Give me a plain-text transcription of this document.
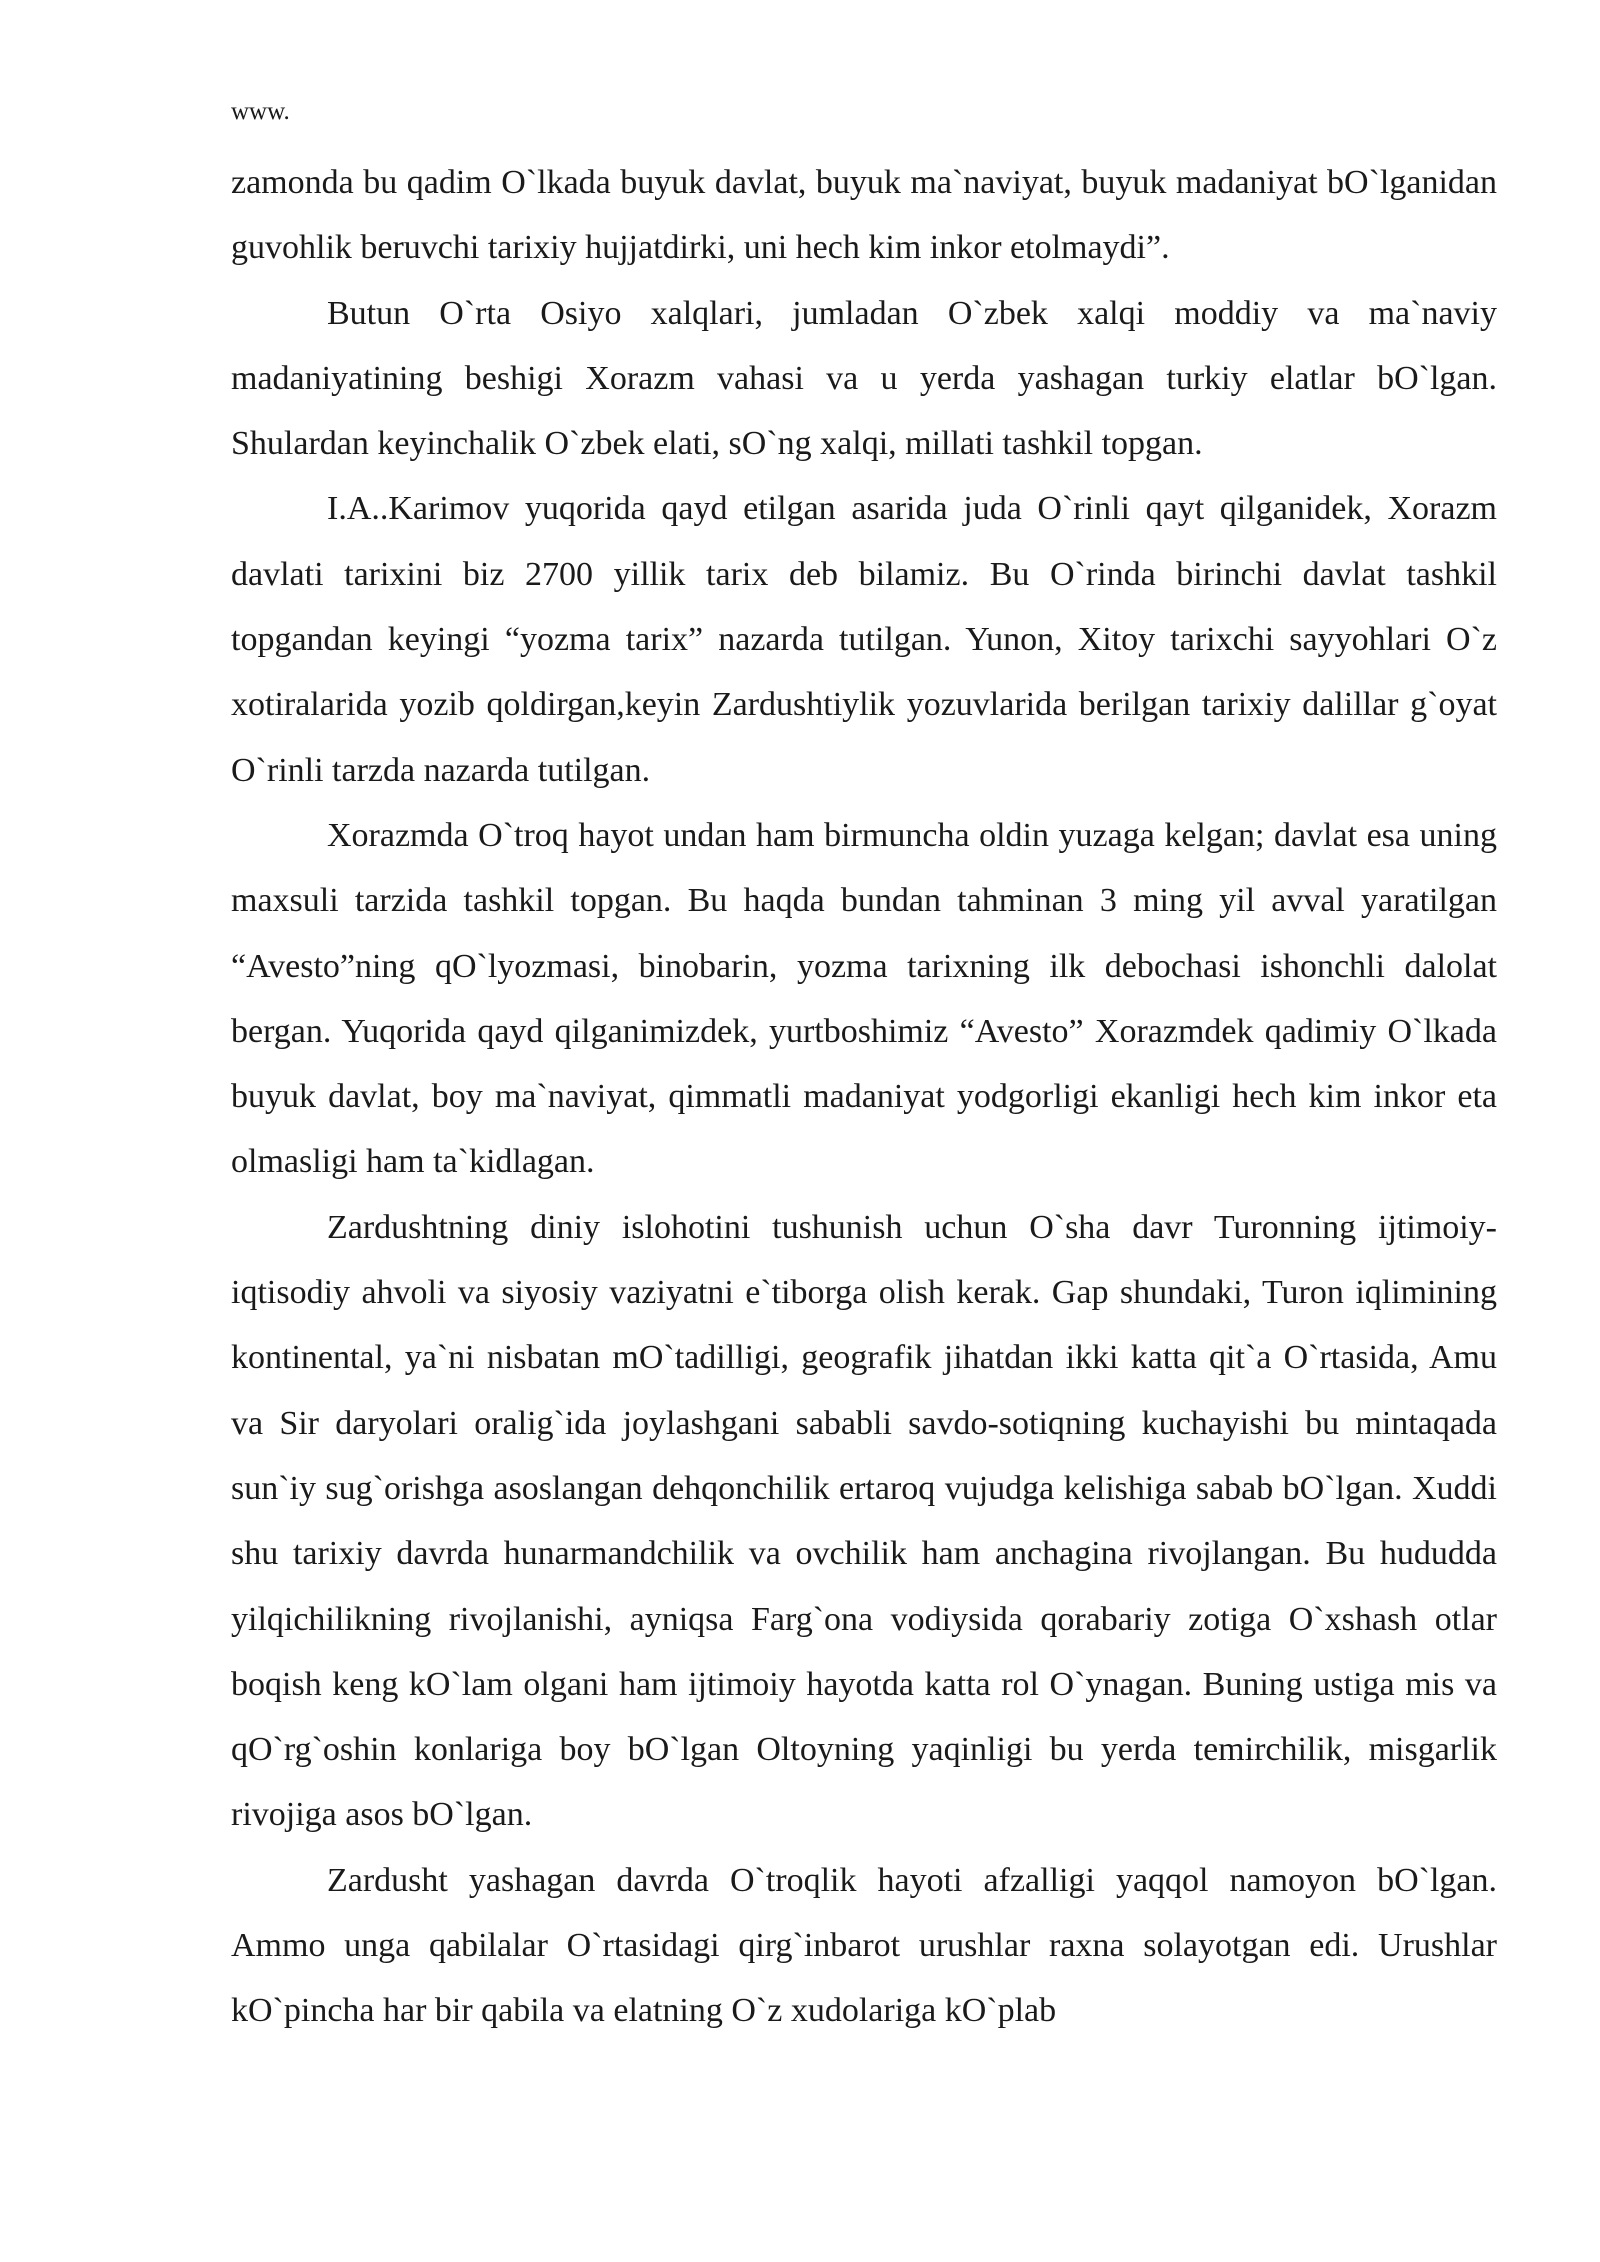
www.

zamonda bu qadim O`lkada buyuk davlat, buyuk ma`naviyat, buyuk madaniyat bO`lganidan guvohlik beruvchi tarixiy hujjatdirki, uni hech kim inkor etolmaydi”.

Butun O`rta Osiyo xalqlari, jumladan O`zbek xalqi moddiy va ma`naviy madaniyatining beshigi Xorazm vahasi va u yerda yashagan turkiy elatlar bO`lgan. Shulardan keyinchalik O`zbek elati, sO`ng xalqi, millati tashkil topgan.

I.A..Karimov yuqorida qayd etilgan asarida juda O`rinli qayt qilganidek, Xorazm davlati tarixini biz 2700 yillik tarix deb bilamiz. Bu O`rinda birinchi davlat tashkil topgandan keyingi “yozma tarix” nazarda tutilgan. Yunon, Xitoy tarixchi sayyohlari O`z xotiralarida yozib qoldirgan,keyin Zardushtiylik yozuvlarida berilgan tarixiy dalillar g`oyat O`rinli tarzda nazarda tutilgan.

Xorazmda O`troq hayot undan ham birmuncha oldin yuzaga kelgan; davlat esa uning maxsuli tarzida tashkil topgan. Bu haqda bundan tahminan 3 ming yil avval yaratilgan “Avesto”ning qO`lyozmasi, binobarin, yozma tarixning ilk debochasi ishonchli dalolat bergan. Yuqorida qayd qilganimizdek, yurtboshimiz “Avesto” Xorazmdek qadimiy O`lkada buyuk davlat, boy ma`naviyat, qimmatli madaniyat yodgorligi ekanligi hech kim inkor eta olmasligi ham ta`kidlagan.

Zardushtning diniy islohotini tushunish uchun O`sha davr Turonning ijtimoiy-iqtisodiy ahvoli va siyosiy vaziyatni e`tiborga olish kerak. Gap shundaki, Turon iqlimining kontinental, ya`ni nisbatan mO`tadilligi, geografik jihatdan ikki katta qit`a O`rtasida, Amu va Sir daryolari oralig`ida joylashgani sababli savdo-sotiqning kuchayishi bu mintaqada sun`iy sug`orishga asoslangan dehqonchilik ertaroq vujudga kelishiga sabab bO`lgan. Xuddi shu tarixiy davrda hunarmandchilik va ovchilik ham anchagina rivojlangan. Bu hududda yilqichilikning rivojlanishi, ayniqsa Farg`ona vodiysida qorabariy zotiga O`xshash otlar boqish keng kO`lam olgani ham ijtimoiy hayotda katta rol O`ynagan. Buning ustiga mis va qO`rg`oshin konlariga boy bO`lgan Oltoyning yaqinligi bu yerda temirchilik, misgarlik rivojiga asos bO`lgan.

Zardusht yashagan davrda O`troqlik hayoti afzalligi yaqqol namoyon bO`lgan. Ammo unga qabilalar O`rtasidagi qirg`inbarot urushlar raxna solayotgan edi. Urushlar kO`pincha har bir qabila va elatning O`z xudolariga kO`plab
